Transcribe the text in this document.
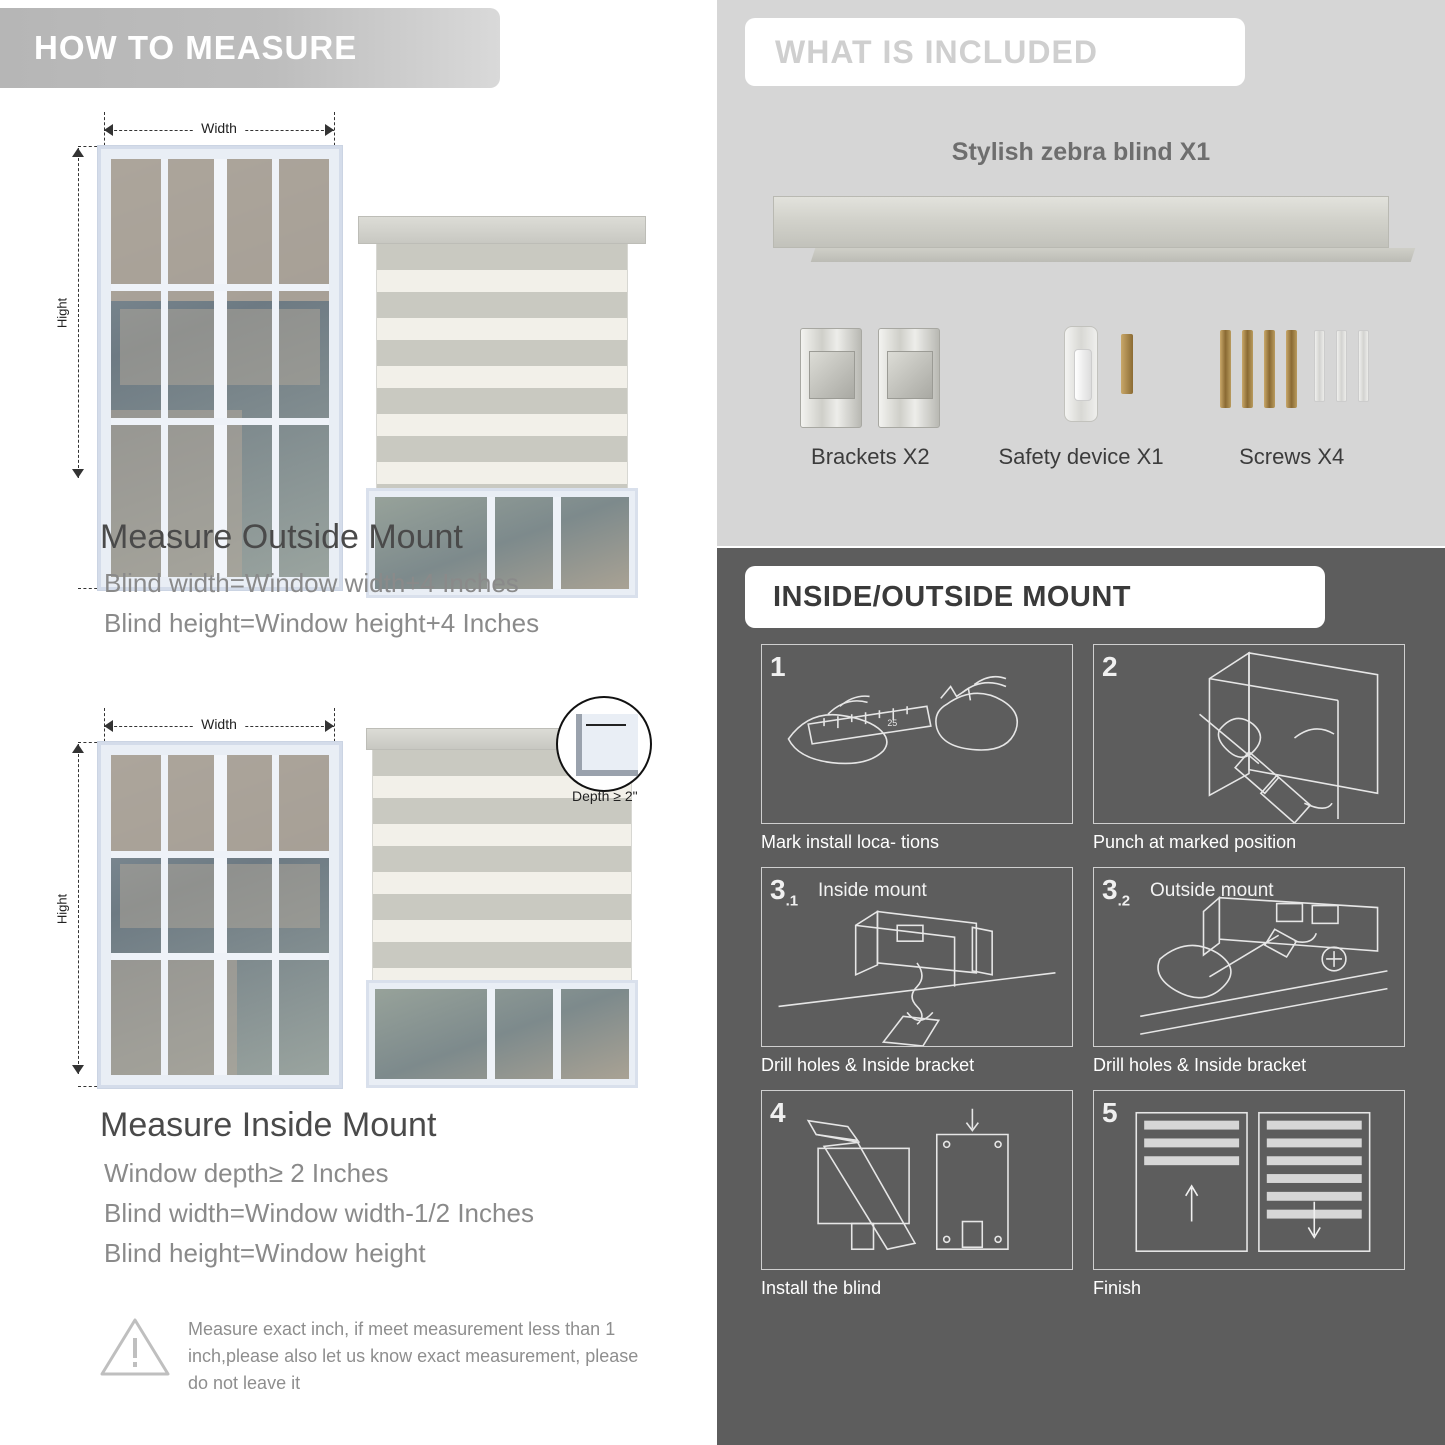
HOW TO MEASURE
Width
Hight
Measure Outside Mount
Blind width=Window width+4 Inches
Blind height=Window height+4 Inches
Width
Hight
Measure Inside Mount
Window depth≥ 2 Inches
Blind width=Window width-1/2 Inches
Blind height=Window height
Depth ≥ 2"
Measure exact inch, if meet measurement less than 1 inch,please also let us know exact measurement, please do not leave it
WHAT IS INCLUDED
Stylish zebra blind X1
Brackets X2	Safety device X1	Screws X4
INSIDE/OUTSIDE MOUNT
1
25
Mark install loca- tions
2
Punch at marked position
$3_{.1}$
Inside mount
Drill holes & Inside bracket
$3_{.2}$
Outside mount
Drill holes & Inside bracket
4
Install the blind
5
Finish
